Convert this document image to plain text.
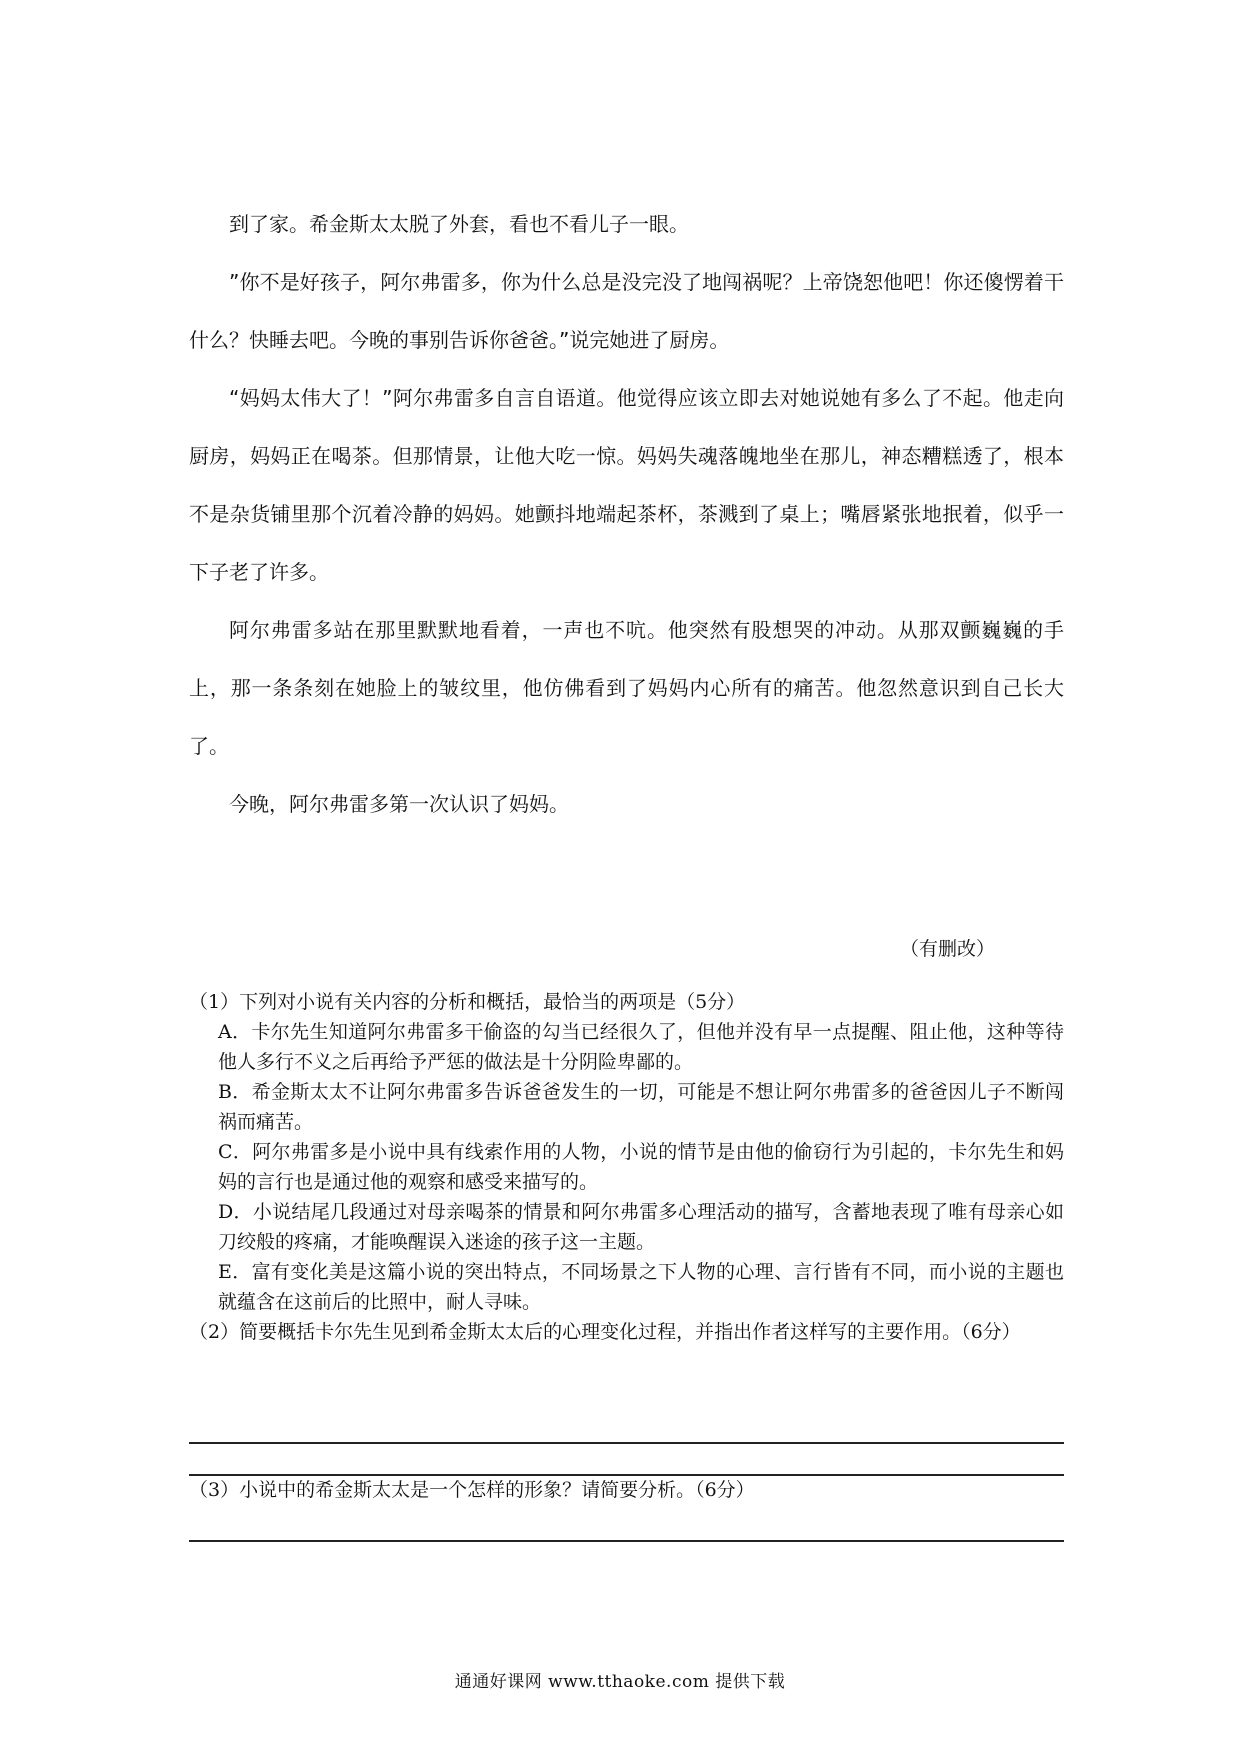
到了家。希金斯太太脱了外套，看也不看儿子一眼。

”你不是好孩子，阿尔弗雷多，你为什么总是没完没了地闯祸呢？上帝饶恕他吧！你还傻愣着干什么？快睡去吧。今晚的事别告诉你爸爸。”说完她进了厨房。

“妈妈太伟大了！”阿尔弗雷多自言自语道。他觉得应该立即去对她说她有多么了不起。他走向厨房，妈妈正在喝茶。但那情景，让他大吃一惊。妈妈失魂落魄地坐在那儿，神态糟糕透了，根本不是杂货铺里那个沉着冷静的妈妈。她颤抖地端起茶杯，茶溅到了桌上；嘴唇紧张地抿着，似乎一下子老了许多。

阿尔弗雷多站在那里默默地看着，一声也不吭。他突然有股想哭的冲动。从那双颤巍巍的手上，那一条条刻在她脸上的皱纹里，他仿佛看到了妈妈内心所有的痛苦。他忽然意识到自己长大了。

今晚，阿尔弗雷多第一次认识了妈妈。

（有删改）

（1）下列对小说有关内容的分析和概括，最恰当的两项是（5分）

A．卡尔先生知道阿尔弗雷多干偷盗的勾当已经很久了，但他并没有早一点提醒、阻止他，这种等待他人多行不义之后再给予严惩的做法是十分阴险卑鄙的。

B．希金斯太太不让阿尔弗雷多告诉爸爸发生的一切，可能是不想让阿尔弗雷多的爸爸因儿子不断闯祸而痛苦。

C．阿尔弗雷多是小说中具有线索作用的人物，小说的情节是由他的偷窃行为引起的，卡尔先生和妈妈的言行也是通过他的观察和感受来描写的。

D．小说结尾几段通过对母亲喝茶的情景和阿尔弗雷多心理活动的描写，含蓄地表现了唯有母亲心如刀绞般的疼痛，才能唤醒误入迷途的孩子这一主题。

E．富有变化美是这篇小说的突出特点，不同场景之下人物的心理、言行皆有不同，而小说的主题也就蕴含在这前后的比照中，耐人寻味。

（2）简要概括卡尔先生见到希金斯太太后的心理变化过程，并指出作者这样写的主要作用。（6分）

（3）小说中的希金斯太太是一个怎样的形象？请简要分析。（6分）

通通好课网 www.tthaoke.com 提供下载
